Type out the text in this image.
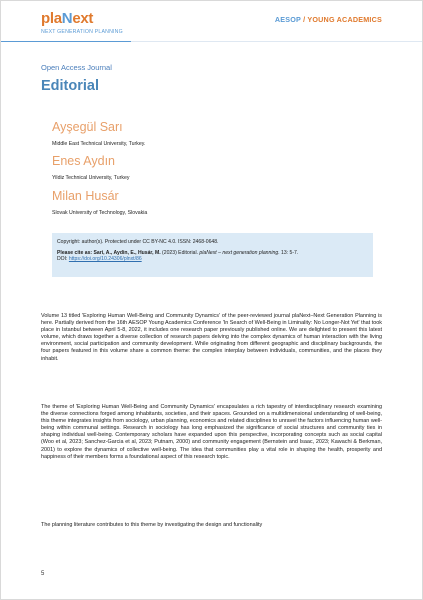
plaNext
NEXT GENERATION PLANNING
AESOP / YOUNG ACADEMICS
Open Access Journal
Editorial
Ayşegül Sarı
Middle East Technical University, Turkey.
Enes Aydın
Yildiz Technical University, Turkey
Milan Husár
Slovak University of Technology, Slovakia

Copyright: author(s). Protected under CC BY-NC 4.0. ISSN: 2468-0648.

Please cite as: Sari, A., Aydin, E., Husár, M. (2023) Editorial. plaNext – next generation planning. 13: 5-7.
DOI: https://doi.org/10.24306/plnxt/86

Volume 13 titled 'Exploring Human Well-Being and Community Dynamics' of the peer-reviewed journal plaNext–Next Generation Planning is here. Partially derived from the 16th AESOP Young Academics Conference 'In Search of Well-Being in Liminality: No Longer-Not Yet' that took place in Istanbul between April 5-8, 2022, it includes one research paper previously published online. We are delighted to present this latest volume, which draws together a diverse collection of research papers delving into the complex dynamics of human interaction with the living environment, social participation and community development. While originating from different geographic and disciplinary backgrounds, the four papers featured in this volume share a common theme: the complex interplay between individuals, communities, and the places they inhabit.
The theme of 'Exploring Human Well-Being and Community Dynamics' encapsulates a rich tapestry of interdisciplinary research examining the diverse connections forged among inhabitants, societies, and their spaces. Grounded on a multidimensional understanding of well-being, this theme integrates insights from sociology, urban planning, economics and related disciplines to unravel the factors influencing human well-being within communal settings. Research in sociology has long emphasized the significance of social structures and community ties in shaping individual well-being. Contemporary scholars have expanded upon this perspective, incorporating concepts such as social capital (Woo et al, 2023; Sanchez-Garcia et al, 2023; Putnam, 2000) and community engagement (Bernstein and Isaac, 2023; Kawachi & Berkman, 2001) to explore the dynamics of collective well-being. The idea that communities play a vital role in shaping the health, prosperity and happiness of their members forms a foundational aspect of this research topic.
The planning literature contributes to this theme by investigating the design and functionality
5
